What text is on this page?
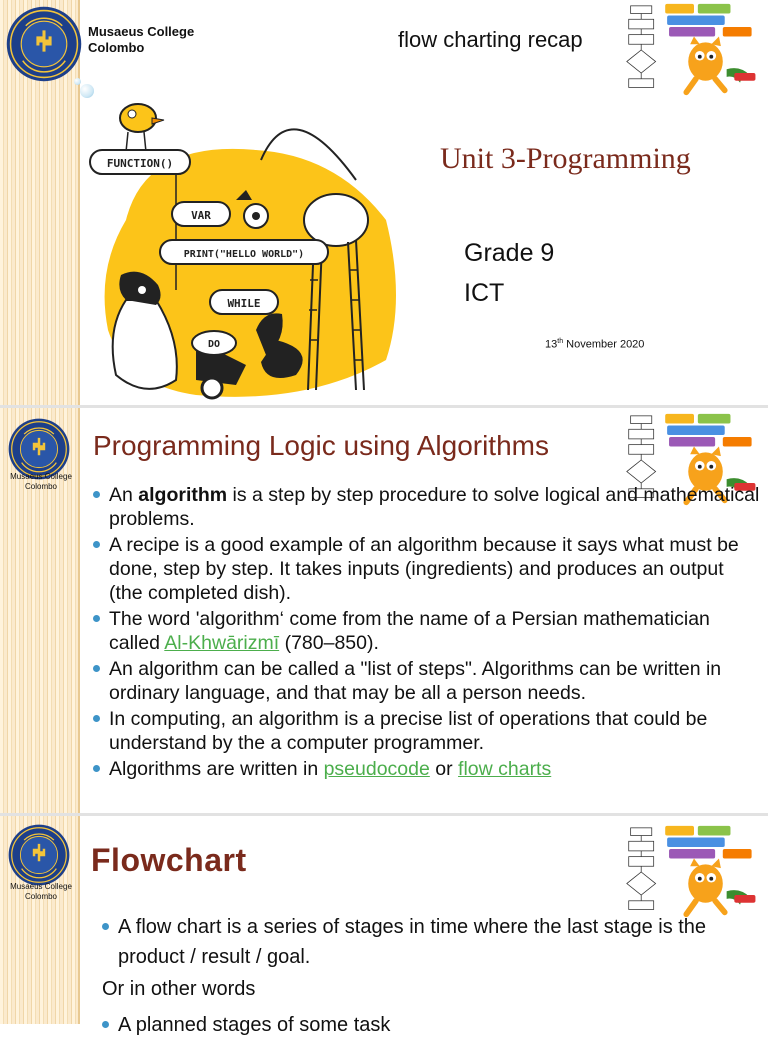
Musaeus College
Colombo	flow charting recap
FUNCTION()
VAR
PRINT("HELLO WORLD")
WHILE
DO
Unit 3-Programming
Grade 9
ICT
13th November 2020
Musaeus College
Colombo
Programming Logic using Algorithms
An algorithm is a step by step procedure to solve logical and mathematical problems.
A recipe is a good example of an algorithm because it says what must be done, step by step. It takes inputs (ingredients) and produces an output (the completed dish).
The word 'algorithm‘ come from the name of a Persian mathematician called Al-Khwārizmī (780–850).
An algorithm can be called a "list of steps". Algorithms can be written in ordinary language, and that may be all a person needs.
In computing, an algorithm is a precise list of operations that could be understand by the a computer programmer.
Algorithms are written in pseudocode or flow charts
Musaeus College
Colombo
Flowchart
A flow chart is a series of stages in time where the last stage is the product / result / goal.
Or in other words
A planned stages of some task
